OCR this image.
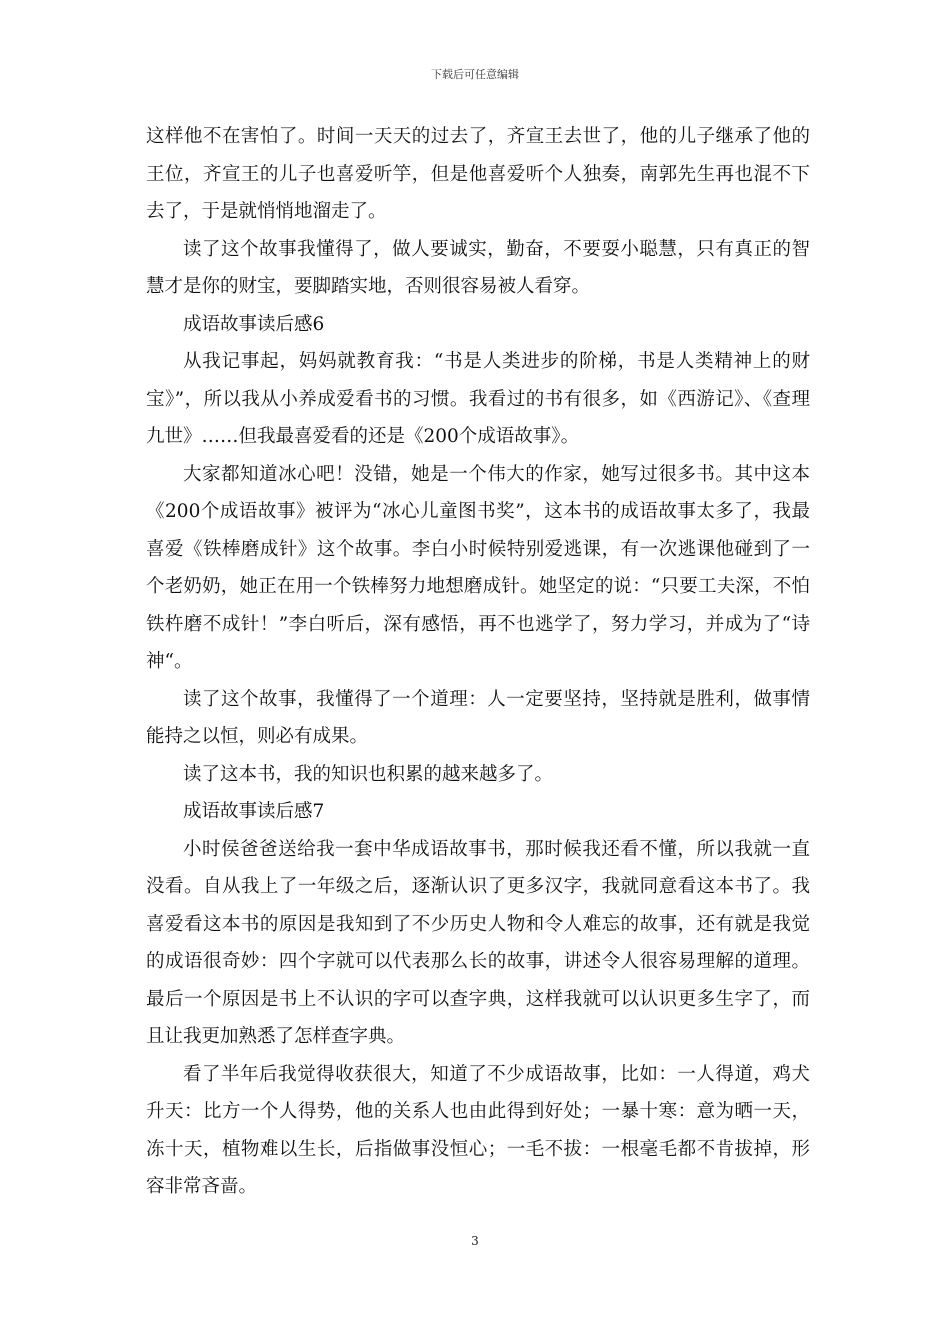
下载后可任意编辑

这样他不在害怕了。时间一天天的过去了，齐宣王去世了，他的儿子继承了他的王位，齐宣王的儿子也喜爱听竽，但是他喜爱听个人独奏，南郭先生再也混不下去了，于是就悄悄地溜走了。

读了这个故事我懂得了，做人要诚实，勤奋，不要耍小聪慧，只有真正的智慧才是你的财宝，要脚踏实地，否则很容易被人看穿。

成语故事读后感6

从我记事起，妈妈就教育我：“书是人类进步的阶梯，书是人类精神上的财宝》”，所以我从小养成爱看书的习惯。我看过的书有很多，如《西游记》、《查理九世》……但我最喜爱看的还是《200个成语故事》。

大家都知道冰心吧！没错，她是一个伟大的作家，她写过很多书。其中这本《200个成语故事》被评为“冰心儿童图书奖”，这本书的成语故事太多了，我最喜爱《铁棒磨成针》这个故事。李白小时候特别爱逃课，有一次逃课他碰到了一个老奶奶，她正在用一个铁棒努力地想磨成针。她坚定的说：“只要工夫深，不怕铁杵磨不成针！”李白听后，深有感悟，再不也逃学了，努力学习，并成为了“诗神“。

读了这个故事，我懂得了一个道理：人一定要坚持，坚持就是胜利，做事情能持之以恒，则必有成果。

读了这本书，我的知识也积累的越来越多了。

成语故事读后感7

小时侯爸爸送给我一套中华成语故事书，那时候我还看不懂，所以我就一直没看。自从我上了一年级之后，逐渐认识了更多汉字，我就同意看这本书了。我喜爱看这本书的原因是我知到了不少历史人物和令人难忘的故事，还有就是我觉的成语很奇妙：四个字就可以代表那么长的故事，讲述令人很容易理解的道理。最后一个原因是书上不认识的字可以查字典，这样我就可以认识更多生字了，而且让我更加熟悉了怎样查字典。

看了半年后我觉得收获很大，知道了不少成语故事，比如：一人得道，鸡犬升天：比方一个人得势，他的关系人也由此得到好处；一暴十寒：意为晒一天，冻十天，植物难以生长，后指做事没恒心；一毛不拔：一根毫毛都不肯拔掉，形容非常吝啬。

3
